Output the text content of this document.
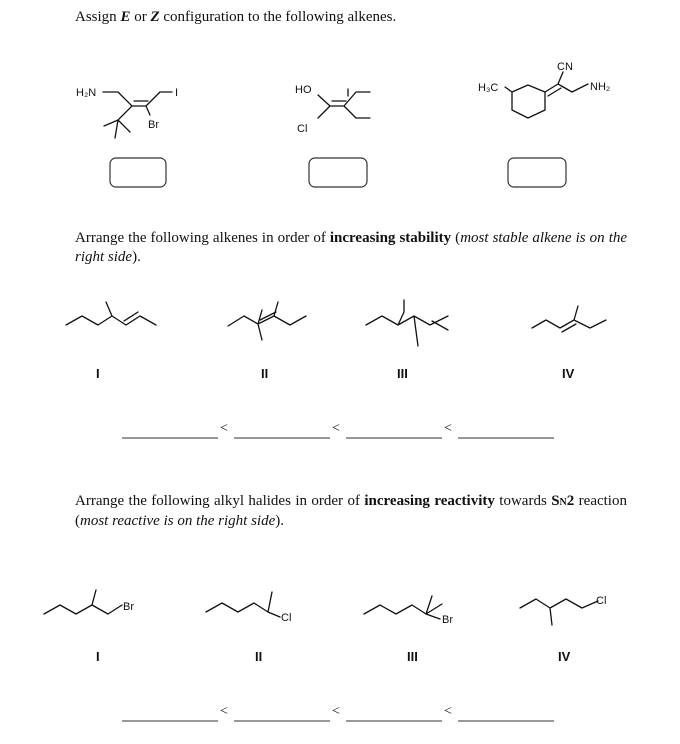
Assign E or Z configuration to the following alkenes.
Arrange the following alkenes in order of increasing stability (most stable alkene is on the right side).
Arrange the following alkyl halides in order of increasing reactivity towards SN2 reaction (most reactive is on the right side).
H₂N	I
Br
HO
Cl
H₃C
CN
NH₂
I	II	III	IV
<	<	<
Br
Cl	Br
Cl
I	II	III	IV
<	<	<
